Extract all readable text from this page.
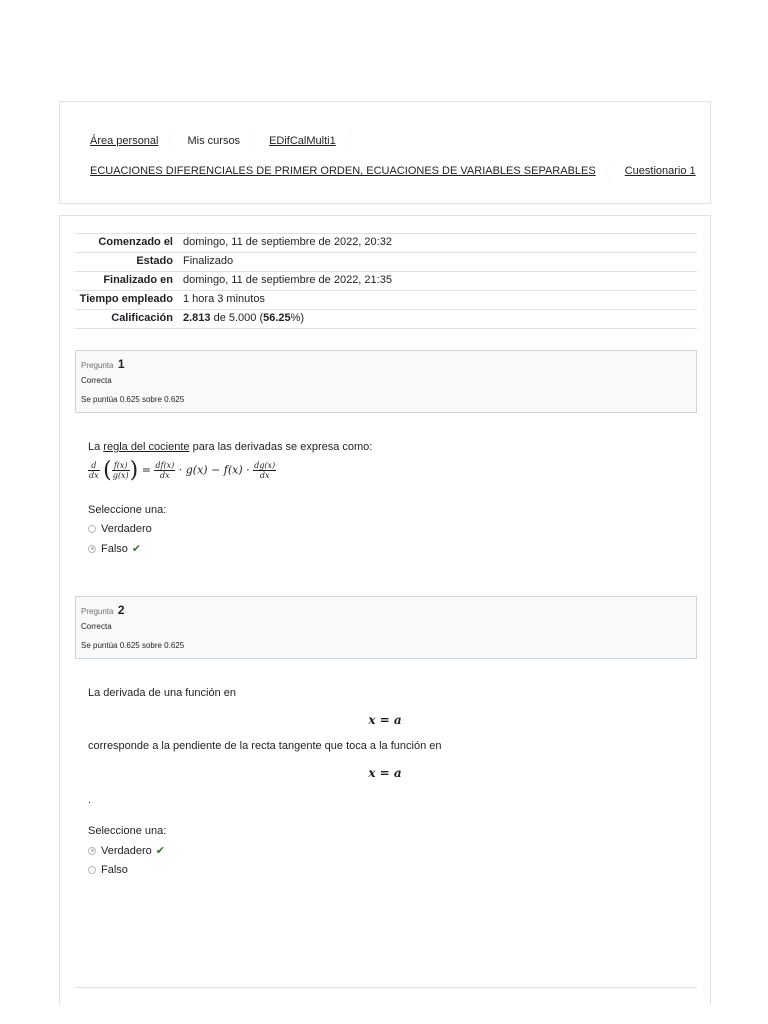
Área personal	Mis cursos	EDifCalMulti1
ECUACIONES DIFERENCIALES DE PRIMER ORDEN, ECUACIONES DE VARIABLES SEPARABLES	Cuestionario 1
Comenzado el	domingo, 11 de septiembre de 2022, 20:32
Estado	Finalizado
Finalizado en	domingo, 11 de septiembre de 2022, 21:35
Tiempo empleado	1 hora 3 minutos
Calificación	2.813 de 5.000 (56.25%)
Pregunta 1
Correcta
Se puntúa 0.625 sobre 0.625
La regla del cociente para las derivadas se expresa como:
$\frac{d}{dx}$ ( $\frac{f(x)}{g(x)}$ ) = $\frac{df(x)}{dx} \cdot g(x) - f(x) \cdot \frac{dg(x)}{dx}$
Seleccione una:
Verdadero
Falso ✔
Pregunta 2
Correcta
Se puntúa 0.625 sobre 0.625
La derivada de una función en
x = a
corresponde a la pendiente de la recta tangente que toca a la función en
x = a
.
Seleccione una:
Verdadero ✔
Falso
